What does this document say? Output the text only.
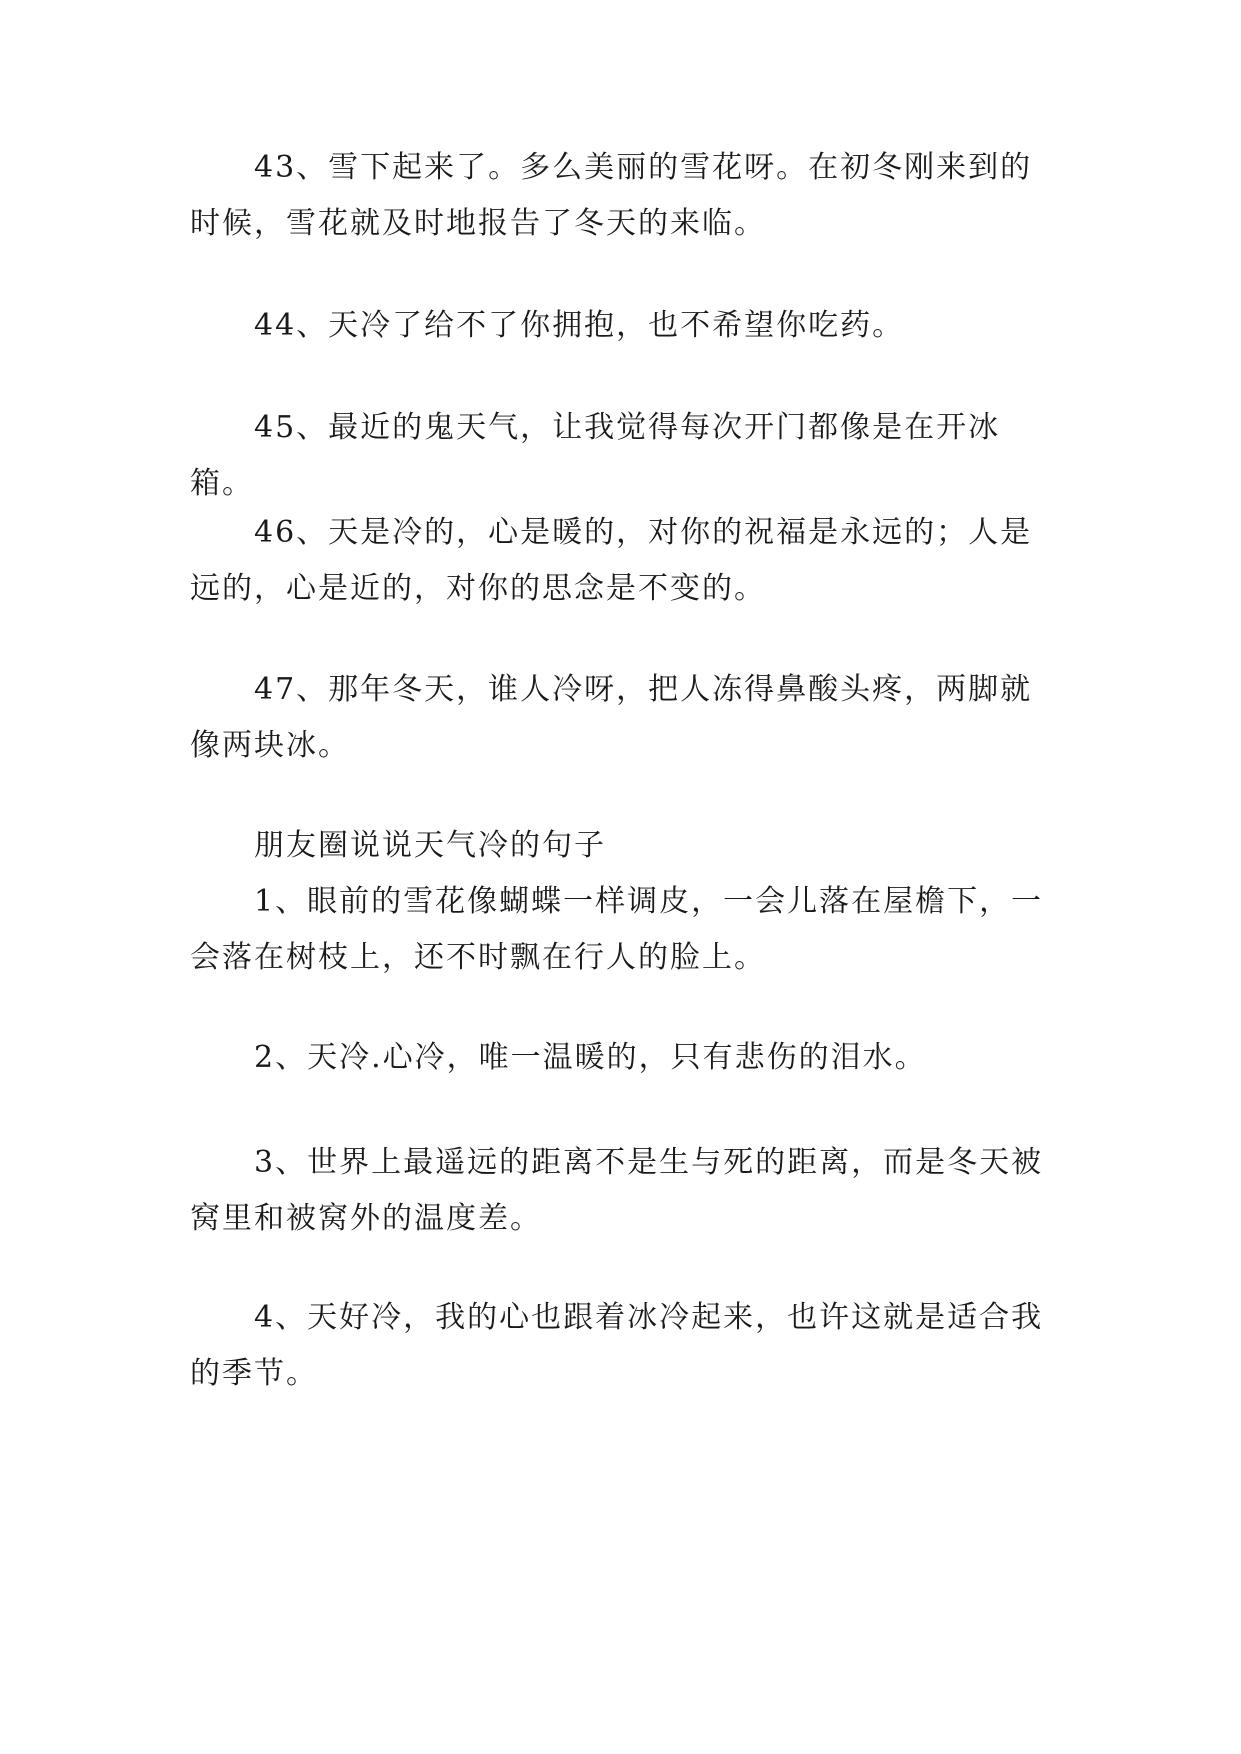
43、雪下起来了。多么美丽的雪花呀。在初冬刚来到的时候，雪花就及时地报告了冬天的来临。

44、天冷了给不了你拥抱，也不希望你吃药。

45、最近的鬼天气，让我觉得每次开门都像是在开冰箱。

46、天是冷的，心是暖的，对你的祝福是永远的；人是远的，心是近的，对你的思念是不变的。

47、那年冬天，谁人冷呀，把人冻得鼻酸头疼，两脚就像两块冰。

朋友圈说说天气冷的句子

1、眼前的雪花像蝴蝶一样调皮，一会儿落在屋檐下，一会落在树枝上，还不时飘在行人的脸上。

2、天冷.心冷，唯一温暖的，只有悲伤的泪水。

3、世界上最遥远的距离不是生与死的距离，而是冬天被窝里和被窝外的温度差。

4、天好冷，我的心也跟着冰冷起来，也许这就是适合我的季节。
